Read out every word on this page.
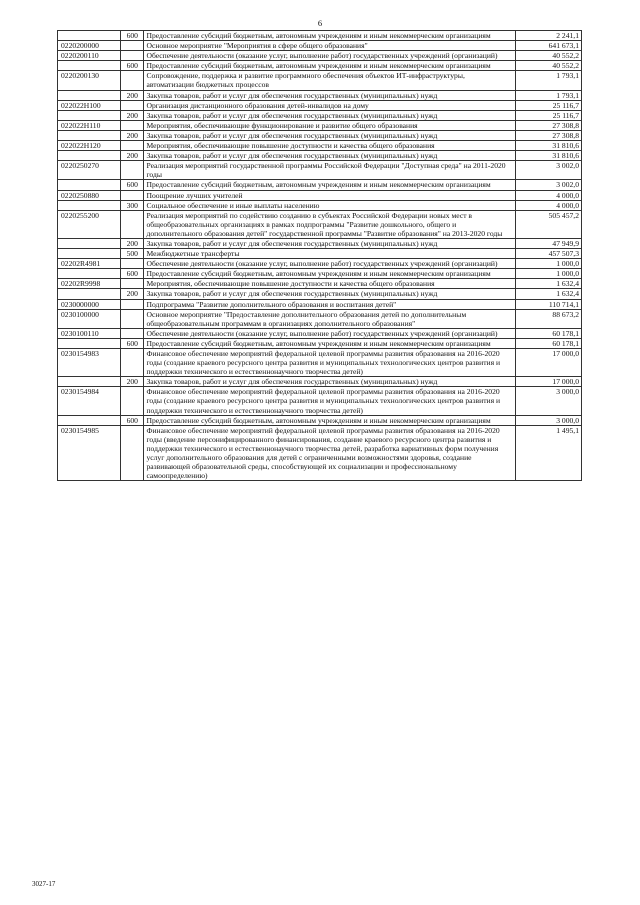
6
	600	Предоставление субсидий бюджетным, автономным учреждениям и иным некоммерческим организациям	2 241,1
0220200000		Основное мероприятие "Мероприятия в сфере общего образования"	641 673,1
0220200110		Обеспечение деятельности (оказание услуг, выполнение работ) государственных учреждений (организаций)	40 552,2
	600	Предоставление субсидий бюджетным, автономным учреждениям и иным некоммерческим организациям	40 552,2
0220200130		Сопровождение, поддержка и развитие программного обеспечения объектов ИТ-инфраструктуры, автоматизации бюджетных процессов	1 793,1
	200	Закупка товаров, работ и услуг для обеспечения государственных (муниципальных) нужд	1 793,1
022022Н100		Организация дистанционного образования детей-инвалидов на дому	25 116,7
	200	Закупка товаров, работ и услуг для обеспечения государственных (муниципальных) нужд	25 116,7
022022Н110		Мероприятия, обеспечивающие функционирование и развитие общего образования	27 308,8
	200	Закупка товаров, работ и услуг для обеспечения государственных (муниципальных) нужд	27 308,8
022022Н120		Мероприятия, обеспечивающие повышение доступности и качества общего образования	31 810,6
	200	Закупка товаров, работ и услуг для обеспечения государственных (муниципальных) нужд	31 810,6
0220250270		Реализация мероприятий государственной программы Российской Федерации "Доступная среда" на 2011-2020 годы	3 002,0
	600	Предоставление субсидий бюджетным, автономным учреждениям и иным некоммерческим организациям	3 002,0
0220250880		Поощрение лучших учителей	4 000,0
	300	Социальное обеспечение и иные выплаты населению	4 000,0
0220255200		Реализация мероприятий по содействию созданию в субъектах Российской Федерации новых мест в общеобразовательных организациях в рамках подпрограммы "Развитие дошкольного, общего и дополнительного образования детей" государственной программы "Развитие образования" на 2013-2020 годы	505 457,2
	200	Закупка товаров, работ и услуг для обеспечения государственных (муниципальных) нужд	47 949,9
	500	Межбюджетные трансферты	457 507,3
02202R4981		Обеспечение деятельности (оказание услуг, выполнение работ) государственных учреждений (организаций)	1 000,0
	600	Предоставление субсидий бюджетным, автономным учреждениям и иным некоммерческим организациям	1 000,0
02202R9998		Мероприятия, обеспечивающие повышение доступности и качества общего образования	1 632,4
	200	Закупка товаров, работ и услуг для обеспечения государственных (муниципальных) нужд	1 632,4
0230000000		Подпрограмма "Развитие дополнительного образования и воспитания детей"	110 714,1
0230100000		Основное мероприятие "Предоставление дополнительного образования детей по дополнительным общеобразовательным программам в организациях дополнительного образования"	88 673,2
0230100110		Обеспечение деятельности (оказание услуг, выполнение работ) государственных учреждений (организаций)	60 178,1
	600	Предоставление субсидий бюджетным, автономным учреждениям и иным некоммерческим организациям	60 178,1
0230154983		Финансовое обеспечение мероприятий федеральной целевой программы развития образования на 2016-2020 годы (создание краевого ресурсного центра развития и муниципальных технологических центров развития и поддержки технического и естественнонаучного творчества детей)	17 000,0
	200	Закупка товаров, работ и услуг для обеспечения государственных (муниципальных) нужд	17 000,0
0230154984		Финансовое обеспечение мероприятий федеральной целевой программы развития образования на 2016-2020 годы (создание краевого ресурсного центра развития и муниципальных технологических центров развития и поддержки технического и естественнонаучного творчества детей)	3 000,0
	600	Предоставление субсидий бюджетным, автономным учреждениям и иным некоммерческим организациям	3 000,0
0230154985		Финансовое обеспечение мероприятий федеральной целевой программы развития образования на 2016-2020 годы (введение персонифицированного финансирования, создание краевого ресурсного центра развития и поддержки технического и естественнонаучного творчества детей, разработка вариативных форм получения услуг дополнительного образования для детей с ограниченными возможностями здоровья, создание развивающей образовательной среды, способствующей их социализации и профессиональному самоопределению)	1 495,1
3027-17
